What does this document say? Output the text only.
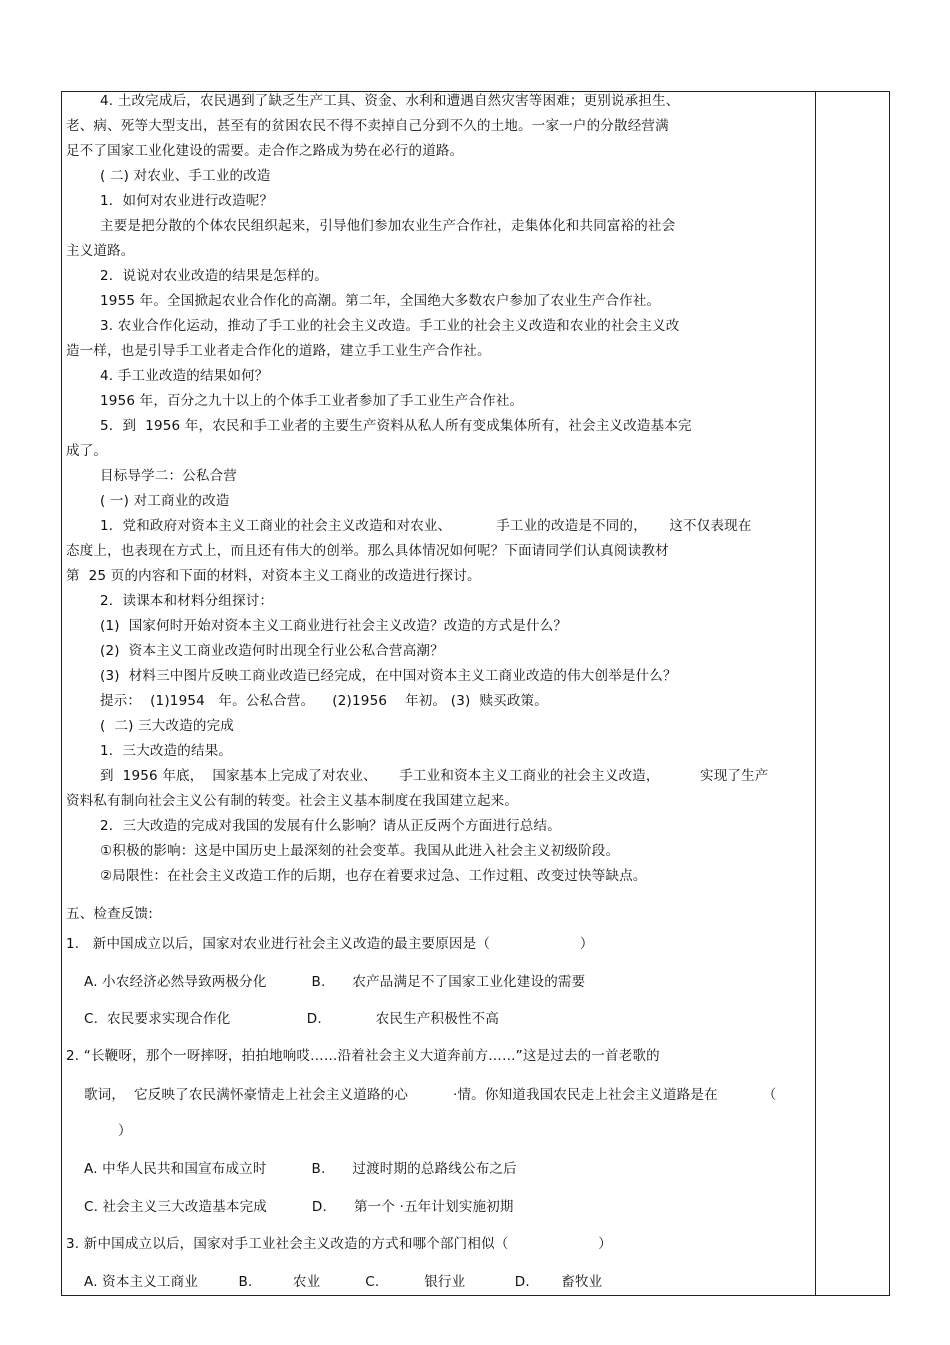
4. 土改完成后，农民遇到了缺乏生产工具、资金、水利和遭遇自然灾害等困难；更别说承担生、
老、病、死等大型支出，甚至有的贫困农民不得不卖掉自己分到不久的土地。一家一户的分散经营满
足不了国家工业化建设的需要。走合作之路成为势在必行的道路。
( 二) 对农业、手工业的改造
1．如何对农业进行改造呢？
主要是把分散的个体农民组织起来，引导他们参加农业生产合作社，走集体化和共同富裕的社会
主义道路。
2．说说对农业改造的结果是怎样的。
1955 年。全国掀起农业合作化的高潮。第二年，全国绝大多数农户参加了农业生产合作社。
3. 农业合作化运动，推动了手工业的社会主义改造。手工业的社会主义改造和农业的社会主义改
造一样，也是引导手工业者走合作化的道路，建立手工业生产合作社。
4. 手工业改造的结果如何？
1956 年，百分之九十以上的个体手工业者参加了手工业生产合作社。
5．到  1956 年，农民和手工业者的主要生产资料从私人所有变成集体所有，社会主义改造基本完
成了。
目标导学二：公私合营
( 一) 对工商业的改造
1．党和政府对资本主义工商业的社会主义改造和对农业、          手工业的改造是不同的，     这不仅表现在
态度上，也表现在方式上，而且还有伟大的创举。那么具体情况如何呢？下面请同学们认真阅读教材
第  25 页的内容和下面的材料，对资本主义工商业的改造进行探讨。
2．读课本和材料分组探讨：
(1)  国家何时开始对资本主义工商业进行社会主义改造？改造的方式是什么？
(2)  资本主义工商业改造何时出现全行业公私合营高潮？
(3)  材料三中图片反映工商业改造已经完成，在中国对资本主义工商业改造的伟大创举是什么？
提示：  (1)1954   年。公私合营。    (2)1956    年初。 (3)  赎买政策。
(  二) 三大改造的完成
1．三大改造的结果。
到  1956 年底，  国家基本上完成了对农业、     手工业和资本主义工商业的社会主义改造，         实现了生产
资料私有制向社会主义公有制的转变。社会主义基本制度在我国建立起来。
2．三大改造的完成对我国的发展有什么影响？请从正反两个方面进行总结。
①积极的影响：这是中国历史上最深刻的社会变革。我国从此进入社会主义初级阶段。
②局限性：在社会主义改造工作的后期，也存在着要求过急、工作过粗、改变过快等缺点。
五、检查反馈:
1.   新中国成立以后，国家对农业进行社会主义改造的最主要原因是（                    ）
A. 小农经济必然导致两极分化          B.      农产品满足不了国家工业化建设的需要
C.  农民要求实现合作化                 D.            农民生产积极性不高
2. “长鞭呀，那个一呀摔呀，拍拍地响哎……沿着社会主义大道奔前方……”这是过去的一首老歌的
歌词，  它反映了农民满怀豪情走上社会主义道路的心          ·情。你知道我国农民走上社会主义道路是在          （
）
A. 中华人民共和国宣布成立时          B.      过渡时期的总路线公布之后
C. 社会主义三大改造基本完成          D.      第一个 ·五年计划实施初期
3. 新中国成立以后，国家对手工业社会主义改造的方式和哪个部门相似（                    ）
A. 资本主义工商业         B.         农业          C.          银行业           D.       畜牧业
